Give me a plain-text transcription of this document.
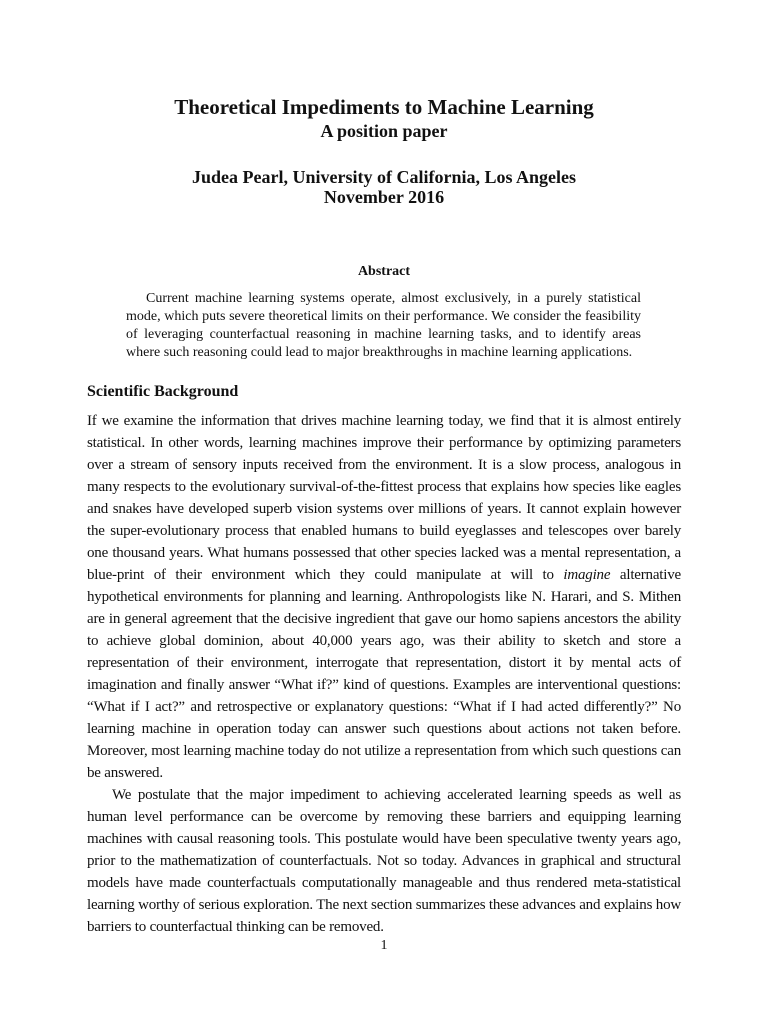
Theoretical Impediments to Machine Learning
A position paper
Judea Pearl, University of California, Los Angeles
November 2016
Abstract

Current machine learning systems operate, almost exclusively, in a purely statistical mode, which puts severe theoretical limits on their performance. We consider the feasibility of leveraging counterfactual reasoning in machine learning tasks, and to identify areas where such reasoning could lead to major breakthroughs in machine learning applications.

Scientific Background

If we examine the information that drives machine learning today, we find that it is almost entirely statistical. In other words, learning machines improve their performance by optimizing parameters over a stream of sensory inputs received from the environment. It is a slow process, analogous in many respects to the evolutionary survival-of-the-fittest process that explains how species like eagles and snakes have developed superb vision systems over millions of years. It cannot explain however the super-evolutionary process that enabled humans to build eyeglasses and telescopes over barely one thousand years. What humans possessed that other species lacked was a mental representation, a blue-print of their environment which they could manipulate at will to imagine alternative hypothetical environments for planning and learning. Anthropologists like N. Harari, and S. Mithen are in general agreement that the decisive ingredient that gave our homo sapiens ancestors the ability to achieve global dominion, about 40,000 years ago, was their ability to sketch and store a representation of their environment, interrogate that representation, distort it by mental acts of imagination and finally answer “What if?” kind of questions. Examples are interventional questions: “What if I act?” and retrospective or explanatory questions: “What if I had acted differently?” No learning machine in operation today can answer such questions about actions not taken before. Moreover, most learning machine today do not utilize a representation from which such questions can be answered.

We postulate that the major impediment to achieving accelerated learning speeds as well as human level performance can be overcome by removing these barriers and equipping learning machines with causal reasoning tools. This postulate would have been speculative twenty years ago, prior to the mathematization of counterfactuals. Not so today. Advances in graphical and structural models have made counterfactuals computationally manageable and thus rendered meta-statistical learning worthy of serious exploration. The next section summarizes these advances and explains how barriers to counterfactual thinking can be removed.

1
